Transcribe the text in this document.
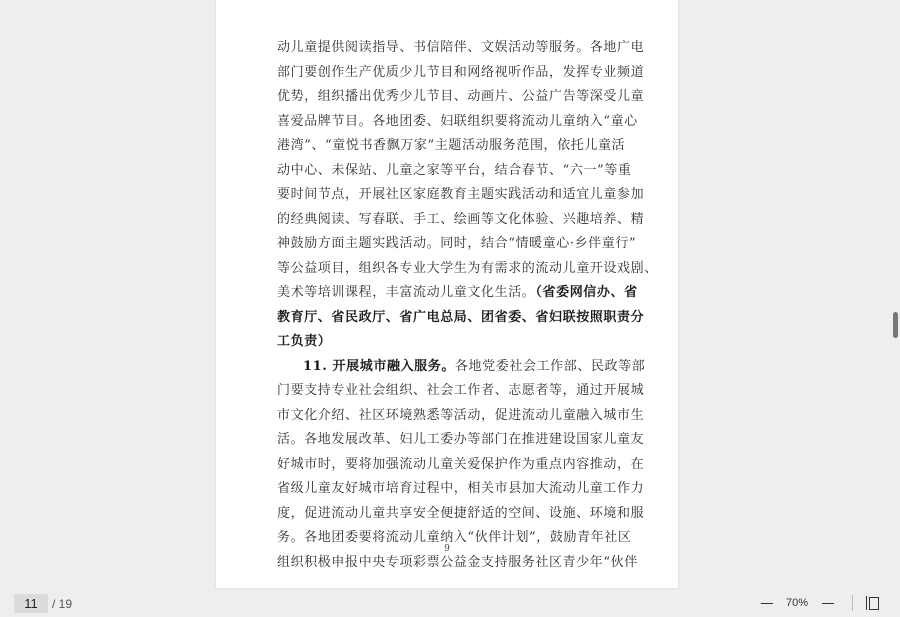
动儿童提供阅读指导、书信陪伴、文娱活动等服务。各地广电
部门要创作生产优质少儿节目和网络视听作品，发挥专业频道
优势，组织播出优秀少儿节目、动画片、公益广告等深受儿童
喜爱品牌节目。各地团委、妇联组织要将流动儿童纳入“童心
港湾”、“童悦书香飘万家”主题活动服务范围，依托儿童活
动中心、未保站、儿童之家等平台，结合春节、“六一”等重
要时间节点，开展社区家庭教育主题实践活动和适宜儿童参加
的经典阅读、写春联、手工、绘画等文化体验、兴趣培养、精
神鼓励方面主题实践活动。同时，结合“情暖童心·乡伴童行”
等公益项目，组织各专业大学生为有需求的流动儿童开设戏剧、
美术等培训课程，丰富流动儿童文化生活。（省委网信办、省
教育厅、省民政厅、省广电总局、团省委、省妇联按照职责分
工负责）
11. 开展城市融入服务。各地党委社会工作部、民政等部
门要支持专业社会组织、社会工作者、志愿者等，通过开展城
市文化介绍、社区环境熟悉等活动，促进流动儿童融入城市生
活。各地发展改革、妇儿工委办等部门在推进建设国家儿童友
好城市时，要将加强流动儿童关爱保护作为重点内容推动，在
省级儿童友好城市培育过程中，相关市县加大流动儿童工作力
度，促进流动儿童共享安全便捷舒适的空间、设施、环境和服
务。各地团委要将流动儿童纳入“伙伴计划”，鼓励青年社区
组织积极申报中央专项彩票公益金支持服务社区青少年“伙伴
9
11	/ 19	70%
